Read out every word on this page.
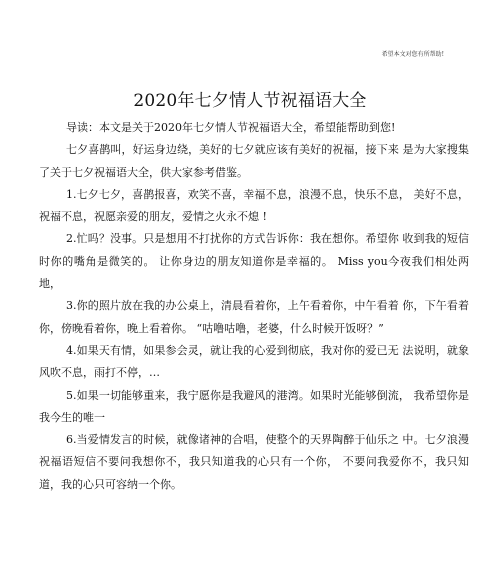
希望本文对您有所帮助!
2020年七夕情人节祝福语大全

导读：本文是关于2020年七夕情人节祝福语大全，希望能帮助到您!

七夕喜鹊叫，好运身边绕，美好的七夕就应该有美好的祝福，接下来 是为大家搜集了关于七夕祝福语大全，供大家参考借鉴。

1.七夕七夕，喜鹊报喜，欢笑不喜，幸福不息，浪漫不息，快乐不息， 美好不息，祝福不息，祝愿亲爱的朋友，爱情之火永不熄 !

2.忙吗？没事。只是想用不打扰你的方式告诉你：我在想你。希望你 收到我的短信时你的嘴角是微笑的。 让你身边的朋友知道你是幸福的。 Miss you今夜我们相处两地，

3.你的照片放在我的办公桌上，清晨看着你，上午看着你，中午看着 你，下午看着你，傍晚看着你，晚上看着你。 “咕噜咕噜，老婆，什么时候开饭呀？”

4.如果天有情，如果参会灵，就让我的心爱到彻底，我对你的爱已无 法说明，就象风吹不息，雨打不停，…

5.如果一切能够重来，我宁愿你是我避风的港湾。如果时光能够倒流， 我希望你是我今生的唯一

6.当爱情发言的时候，就像诸神的合唱，使整个的天界陶醉于仙乐之 中。七夕浪漫祝福语短信不要问我想你不，我只知道我的心只有一个你， 不要问我爱你不，我只知道，我的心只可容纳一个你。
